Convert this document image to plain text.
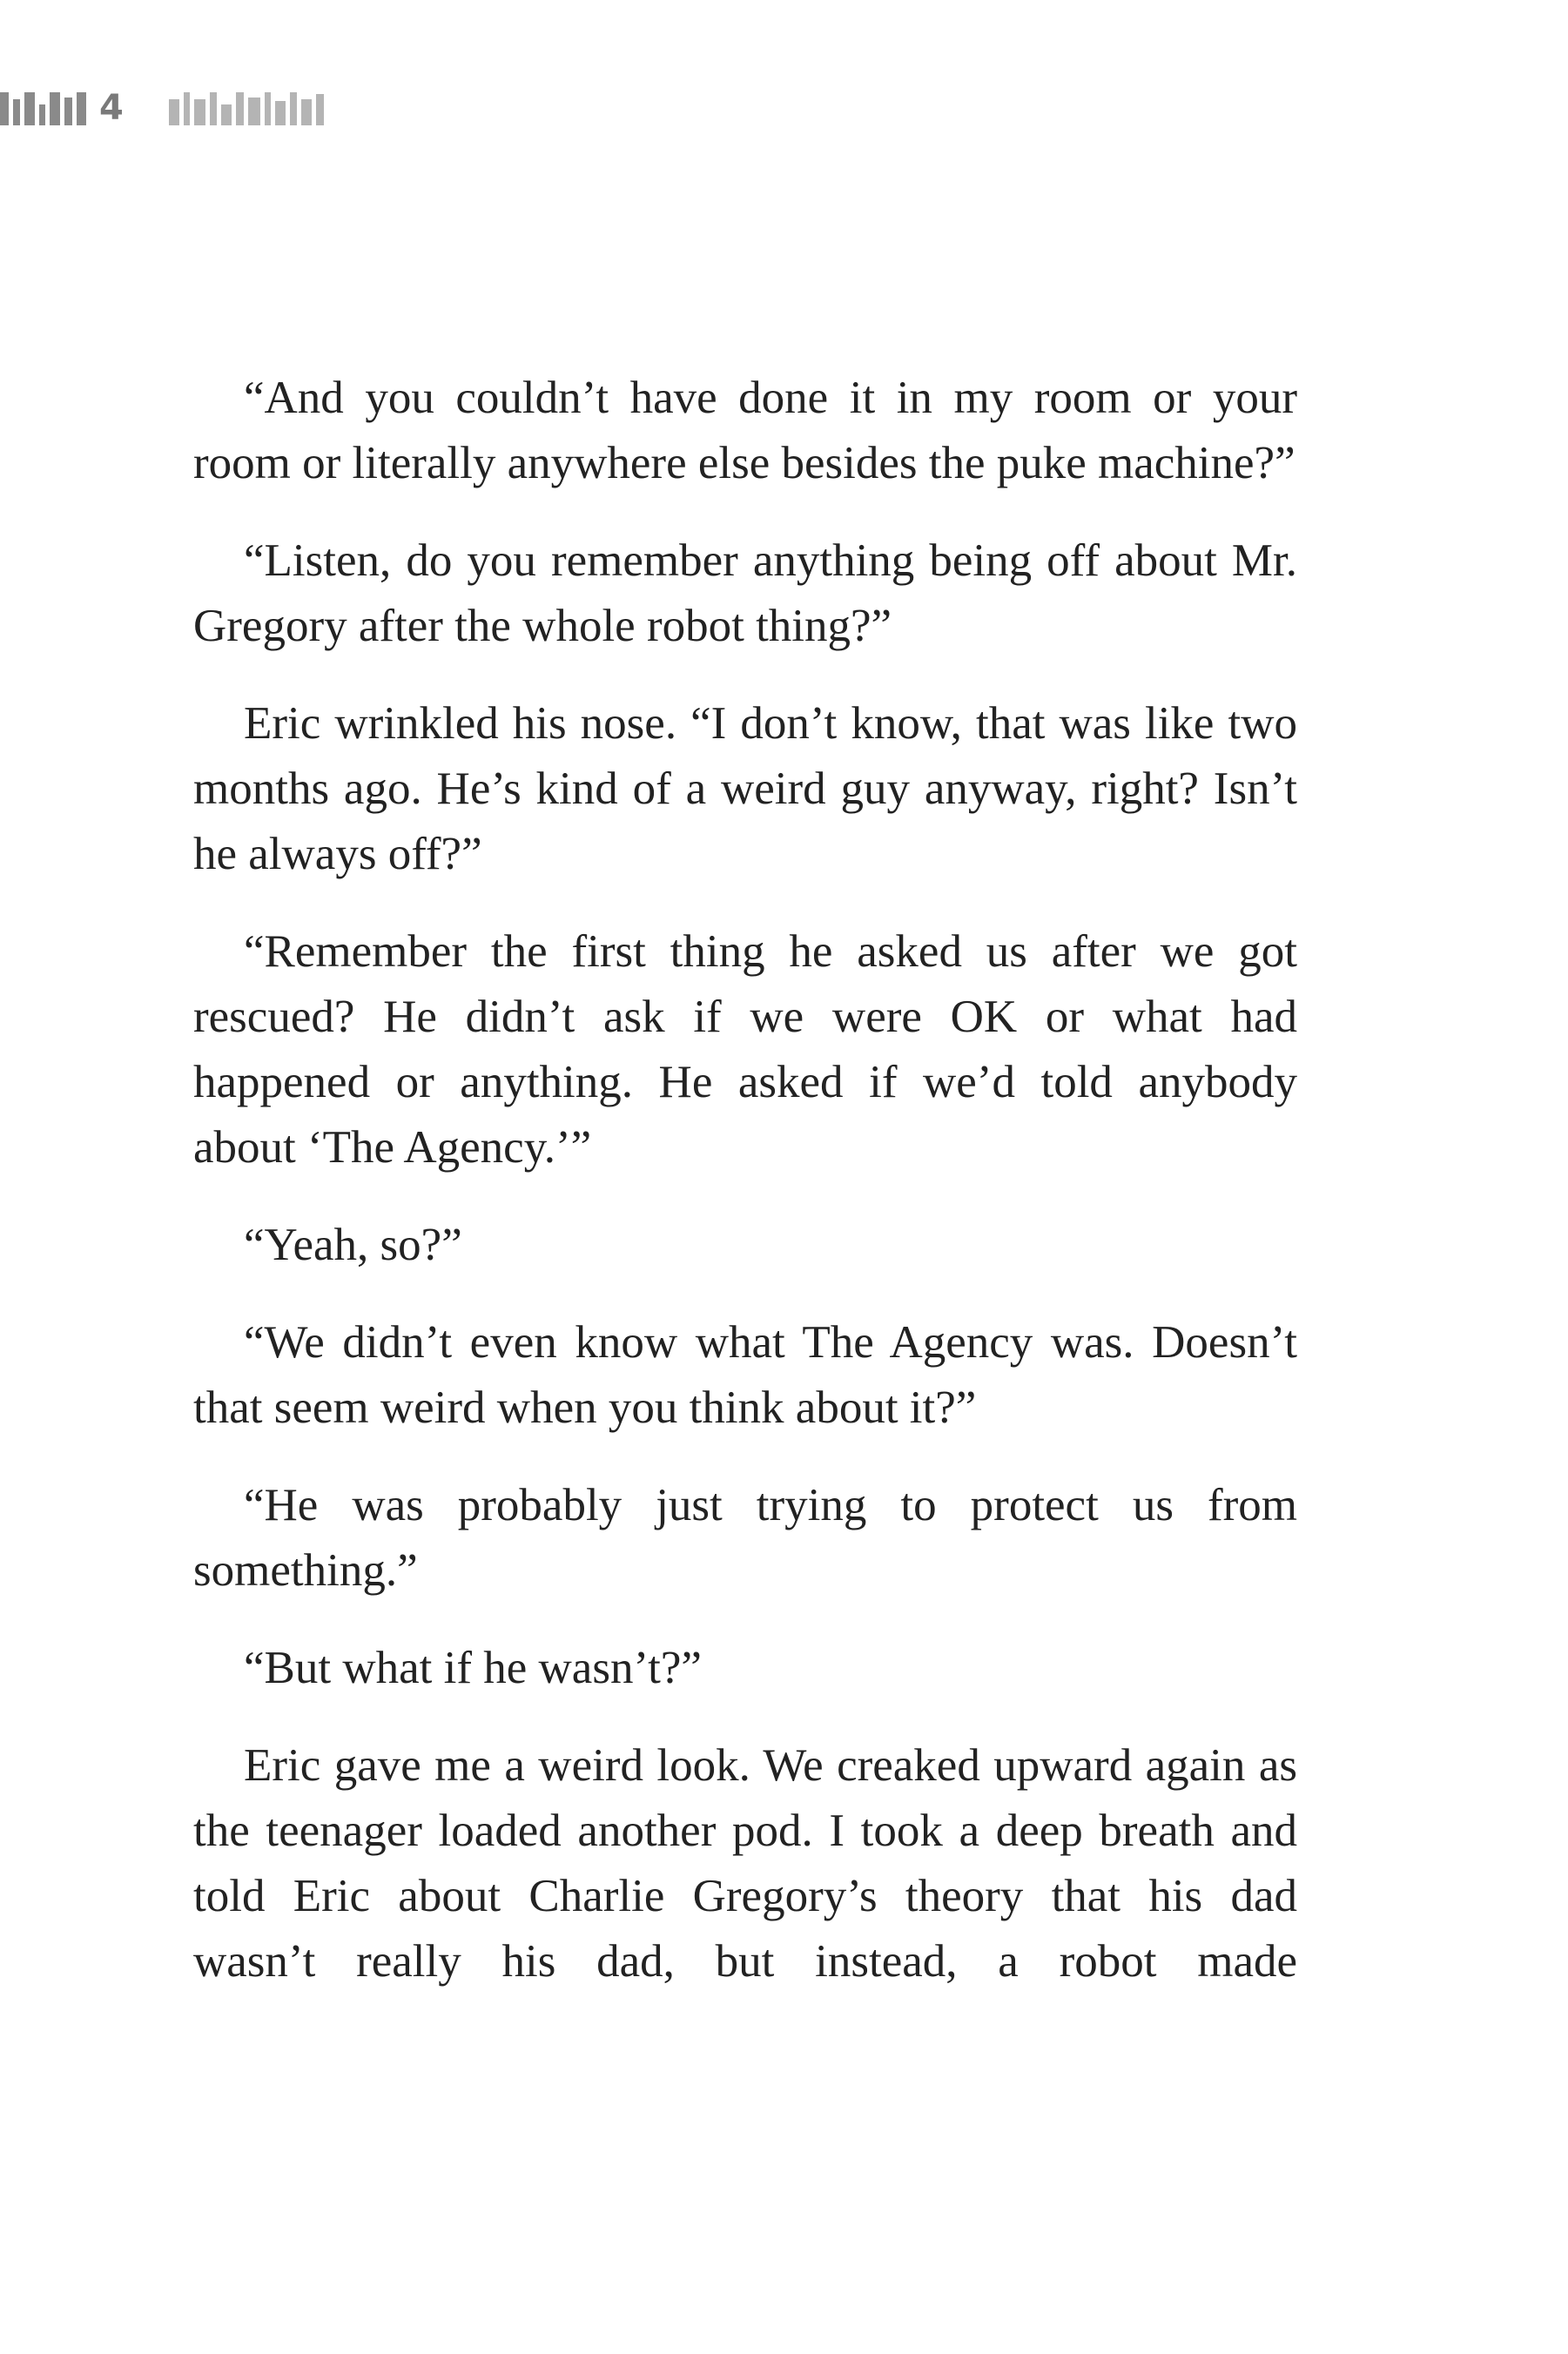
4

“And you couldn’t have done it in my room or your room or literally anywhere else besides the puke machine?”

“Listen, do you remember anything being off about Mr. Gregory after the whole robot thing?”

Eric wrinkled his nose. “I don’t know, that was like two months ago. He’s kind of a weird guy anyway, right? Isn’t he always off?”

“Remember the first thing he asked us after we got rescued? He didn’t ask if we were OK or what had happened or anything. He asked if we’d told anybody about ‘The Agency.’”

“Yeah, so?”

“We didn’t even know what The Agency was. Doesn’t that seem weird when you think about it?”

“He was probably just trying to protect us from something.”

“But what if he wasn’t?”

Eric gave me a weird look. We creaked upward again as the teenager loaded another pod. I took a deep breath and told Eric about Charlie Gregory’s theory that his dad wasn’t really his dad, but instead, a robot made
